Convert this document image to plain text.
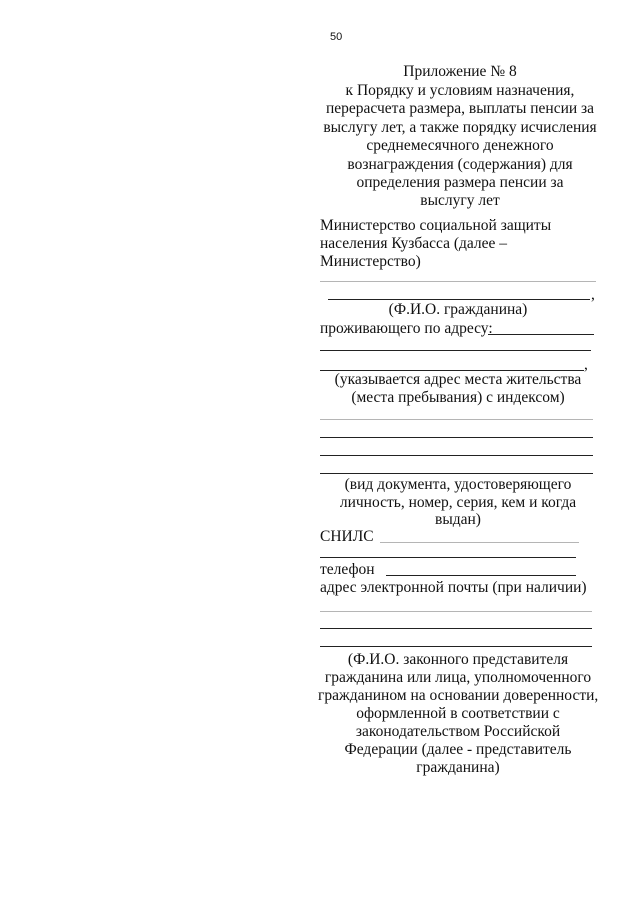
50
Приложение № 8
к Порядку и условиям назначения,
перерасчета размера, выплаты пенсии за
выслугу лет, а также порядку исчисления
среднемесячного денежного
вознаграждения (содержания) для
определения размера пенсии за
выслугу лет
Министерство социальной защиты
населения Кузбасса (далее –
Министерство)
,
(Ф.И.О. гражданина)
проживающего по адресу:
,
(указывается адрес места жительства
(места пребывания) с индексом)
(вид документа, удостоверяющего
личность, номер, серия, кем и когда
выдан)
СНИЛС
телефон
адрес электронной почты (при наличии)
(Ф.И.О. законного представителя
гражданина или лица, уполномоченного
гражданином на основании доверенности,
оформленной в соответствии с
законодательством Российской
Федерации (далее - представитель
гражданина)
